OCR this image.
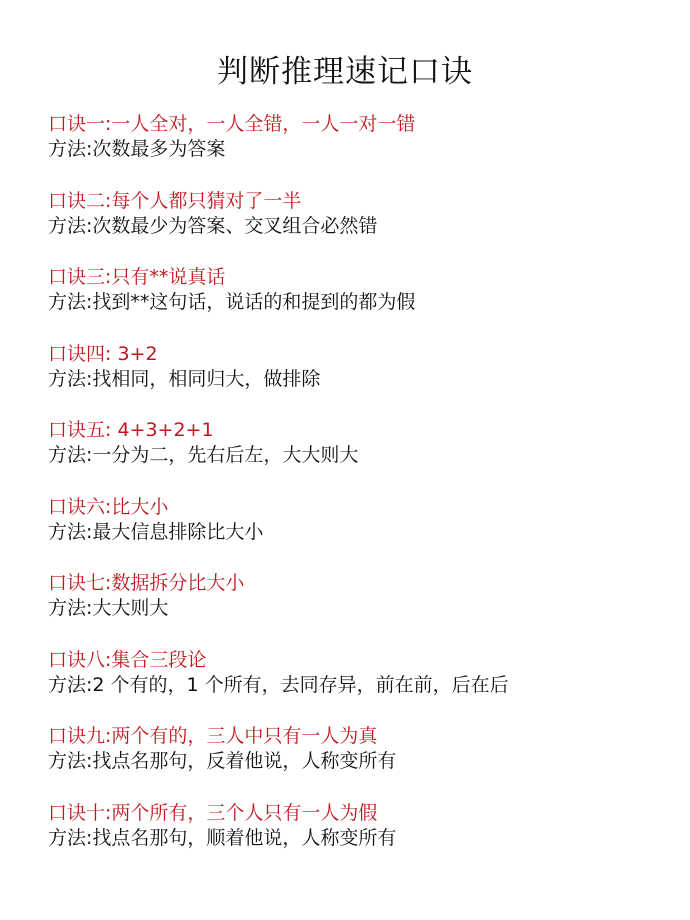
判断推理速记口诀
口诀一:一人全对，一人全错，一人一对一错
方法:次数最多为答案
口诀二:每个人都只猜对了一半
方法:次数最少为答案、交叉组合必然错
口诀三:只有**说真话
方法:找到**这句话，说话的和提到的都为假
口诀四: 3+2
方法:找相同，相同归大，做排除
口诀五: 4+3+2+1
方法:一分为二，先右后左，大大则大
口诀六:比大小
方法:最大信息排除比大小
口诀七:数据拆分比大小
方法:大大则大
口诀八:集合三段论
方法:2 个有的，1 个所有，去同存异，前在前，后在后
口诀九:两个有的，三人中只有一人为真
方法:找点名那句，反着他说，人称变所有
口诀十:两个所有，三个人只有一人为假
方法:找点名那句，顺着他说，人称变所有
